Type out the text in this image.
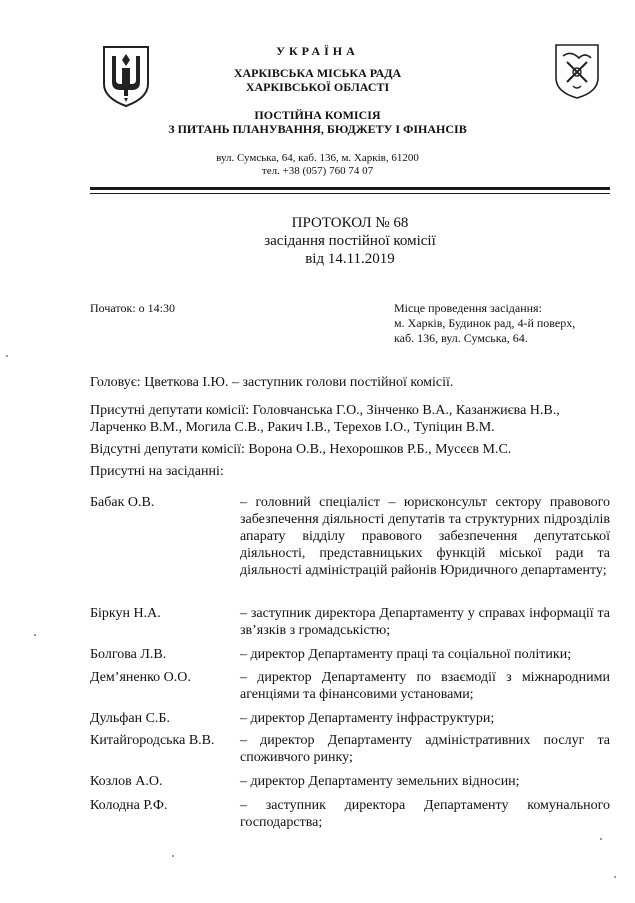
УКРАЇНА
ХАРКІВСЬКА МІСЬКА РАДА
ХАРКІВСЬКОЇ ОБЛАСТІ
ПОСТІЙНА КОМІСІЯ
З ПИТАНЬ ПЛАНУВАННЯ, БЮДЖЕТУ І ФІНАНСІВ
вул. Сумська, 64, каб. 136, м. Харків, 61200
тел. +38 (057) 760 74 07
ПРОТОКОЛ № 68
засідання постійної комісії
від 14.11.2019
Початок: о 14:30	Місце проведення засідання:
м. Харків, Будинок рад, 4-й поверх,
каб. 136, вул. Сумська, 64.
Головує: Цветкова І.Ю. – заступник голови постійної комісії.
Присутні депутати комісії: Головчанська Г.О., Зінченко В.А., Казанжиєва Н.В.,
Ларченко В.М., Могила С.В., Ракич І.В., Терехов І.О., Тупіцин В.М.
Відсутні депутати комісії: Ворона О.В., Нехорошков Р.Б., Мусєєв М.С.
Присутні на засіданні:
Бабак О.В.	– головний спеціаліст – юрисконсульт сектору правового забезпечення діяльності депутатів та структурних підрозділів апарату відділу правового забезпечення депутатської діяльності, представницьких функцій міської ради та діяльності адміністрацій районів Юридичного департаменту;
Біркун Н.А.	– заступник директора Департаменту у справах інформації та зв’язків з громадськістю;
Болгова Л.В.	– директор Департаменту праці та соціальної політики;
Дем’яненко О.О.	– директор Департаменту по взаємодії з міжнародними агенціями та фінансовими установами;
Дульфан С.Б.	– директор Департаменту інфраструктури;
Китайгородська В.В. – директор Департаменту адміністративних послуг та споживчого ринку;
Козлов А.О.	– директор Департаменту земельних відносин;
Колодна Р.Ф.	– заступник директора Департаменту комунального господарства;
